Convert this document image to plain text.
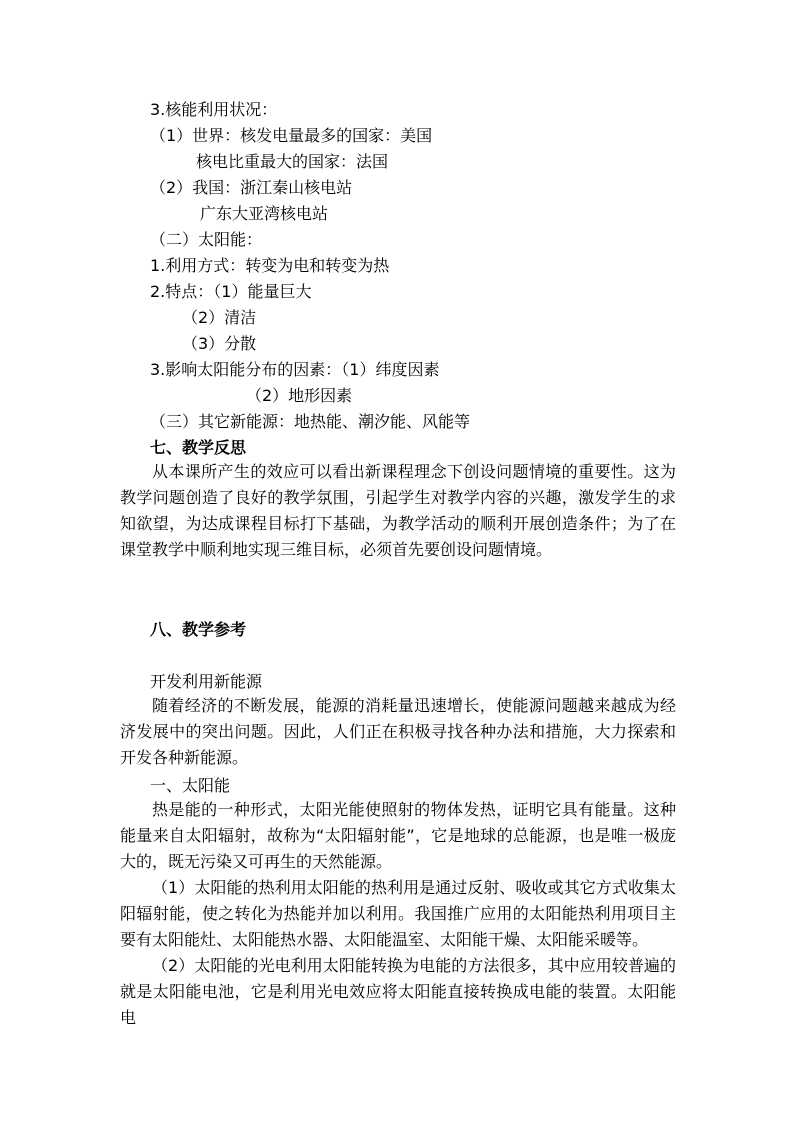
3.核能利用状况：
（1）世界：核发电量最多的国家：美国
核电比重最大的国家：法国
（2）我国：浙江秦山核电站
广东大亚湾核电站
（二）太阳能：
1.利用方式：转变为电和转变为热
2.特点：（1）能量巨大
（2）清洁
（3）分散
3.影响太阳能分布的因素：（1）纬度因素
（2）地形因素
（三）其它新能源：地热能、潮汐能、风能等
七、教学反思
从本课所产生的效应可以看出新课程理念下创设问题情境的重要性。这为教学问题创造了良好的教学氛围，引起学生对教学内容的兴趣，激发学生的求知欲望，为达成课程目标打下基础，为教学活动的顺利开展创造条件；为了在课堂教学中顺利地实现三维目标，必须首先要创设问题情境。
八、教学参考
开发利用新能源
随着经济的不断发展，能源的消耗量迅速增长，使能源问题越来越成为经济发展中的突出问题。因此，人们正在积极寻找各种办法和措施，大力探索和开发各种新能源。
一、太阳能
热是能的一种形式，太阳光能使照射的物体发热，证明它具有能量。这种能量来自太阳辐射，故称为“太阳辐射能”，它是地球的总能源，也是唯一极庞大的，既无污染又可再生的天然能源。
（1）太阳能的热利用太阳能的热利用是通过反射、吸收或其它方式收集太阳辐射能，使之转化为热能并加以利用。我国推广应用的太阳能热利用项目主要有太阳能灶、太阳能热水器、太阳能温室、太阳能干燥、太阳能采暖等。
（2）太阳能的光电利用太阳能转换为电能的方法很多，其中应用较普遍的就是太阳能电池，它是利用光电效应将太阳能直接转换成电能的装置。太阳能电
